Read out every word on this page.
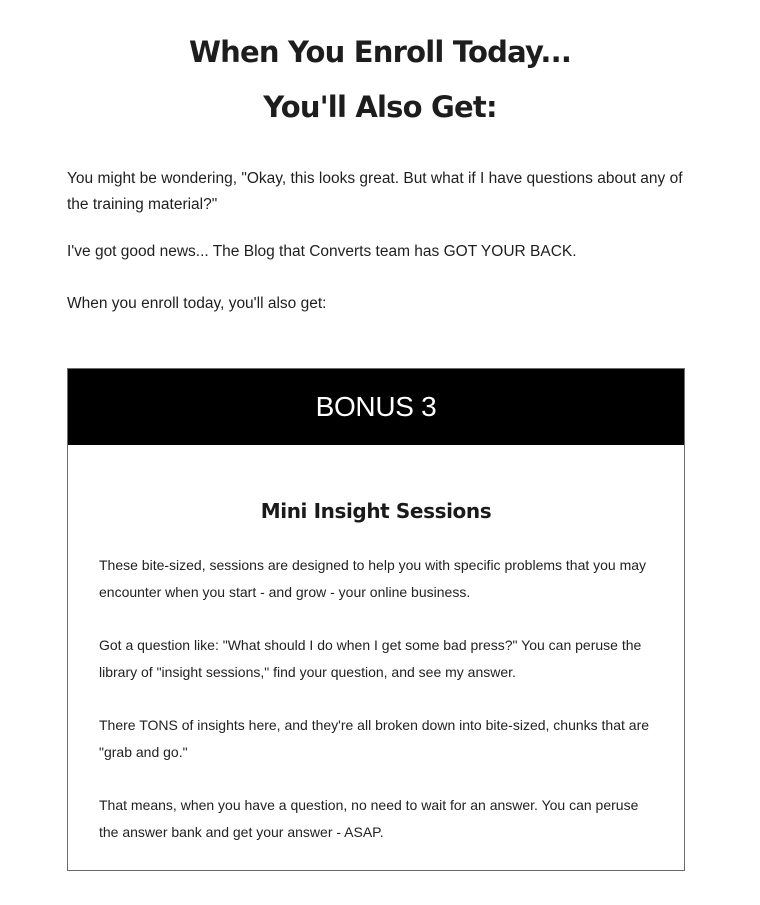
When You Enroll Today...
You'll Also Get:

You might be wondering, "Okay, this looks great. But what if I have questions about any of the training material?"

I've got good news... The Blog that Converts team has GOT YOUR BACK.

When you enroll today, you'll also get:

BONUS 3
Mini Insight Sessions

These bite-sized, sessions are designed to help you with specific problems that you may encounter when you start - and grow - your online business.

Got a question like: "What should I do when I get some bad press?" You can peruse the library of "insight sessions," find your question, and see my answer.

There TONS of insights here, and they're all broken down into bite-sized, chunks that are "grab and go."

That means, when you have a question, no need to wait for an answer. You can peruse the answer bank and get your answer - ASAP.
